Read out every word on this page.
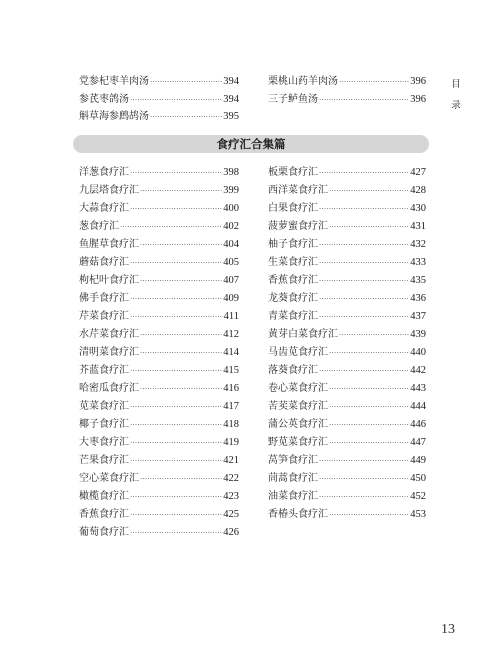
党参杞枣羊肉汤 ·····	394
参芪枣鸽汤 ·····	394
斛草海参鹧鸪汤 ·····	395
栗桃山药羊肉汤 ·····	396
三子鲈鱼汤 ·····	396
食疗汇合集篇
洋葱食疗汇 ·····	398
九层塔食疗汇 ·····	399
大蒜食疗汇 ·····	400
葱食疗汇 ·····	402
鱼腥草食疗汇 ·····	404
蘑菇食疗汇 ·····	405
枸杞叶食疗汇 ·····	407
佛手食疗汇 ·····	409
芹菜食疗汇 ·····	411
水芹菜食疗汇 ·····	412
清明菜食疗汇 ·····	414
芥蓝食疗汇 ·····	415
哈密瓜食疗汇 ·····	416
苋菜食疗汇 ·····	417
椰子食疗汇 ·····	418
大枣食疗汇 ·····	419
芒果食疗汇 ·····	421
空心菜食疗汇 ·····	422
橄榄食疗汇 ·····	423
香蕉食疗汇 ·····	425
葡萄食疗汇 ·····	426
板栗食疗汇 ·····	427
西洋菜食疗汇 ·····	428
白果食疗汇 ·····	430
菠萝蜜食疗汇 ·····	431
柚子食疗汇 ·····	432
生菜食疗汇 ·····	433
香蕉食疗汇 ·····	435
龙葵食疗汇 ·····	436
青菜食疗汇 ·····	437
黄芽白菜食疗汇 ·····	439
马齿苋食疗汇 ·····	440
落葵食疗汇 ·····	442
卷心菜食疗汇 ·····	443
苦荬菜食疗汇 ·····	444
蒲公英食疗汇 ·····	446
野苋菜食疗汇 ·····	447
莴笋食疗汇 ·····	449
茼蒿食疗汇 ·····	450
油菜食疗汇 ·····	452
香椿头食疗汇 ·····	453
目
录
13
